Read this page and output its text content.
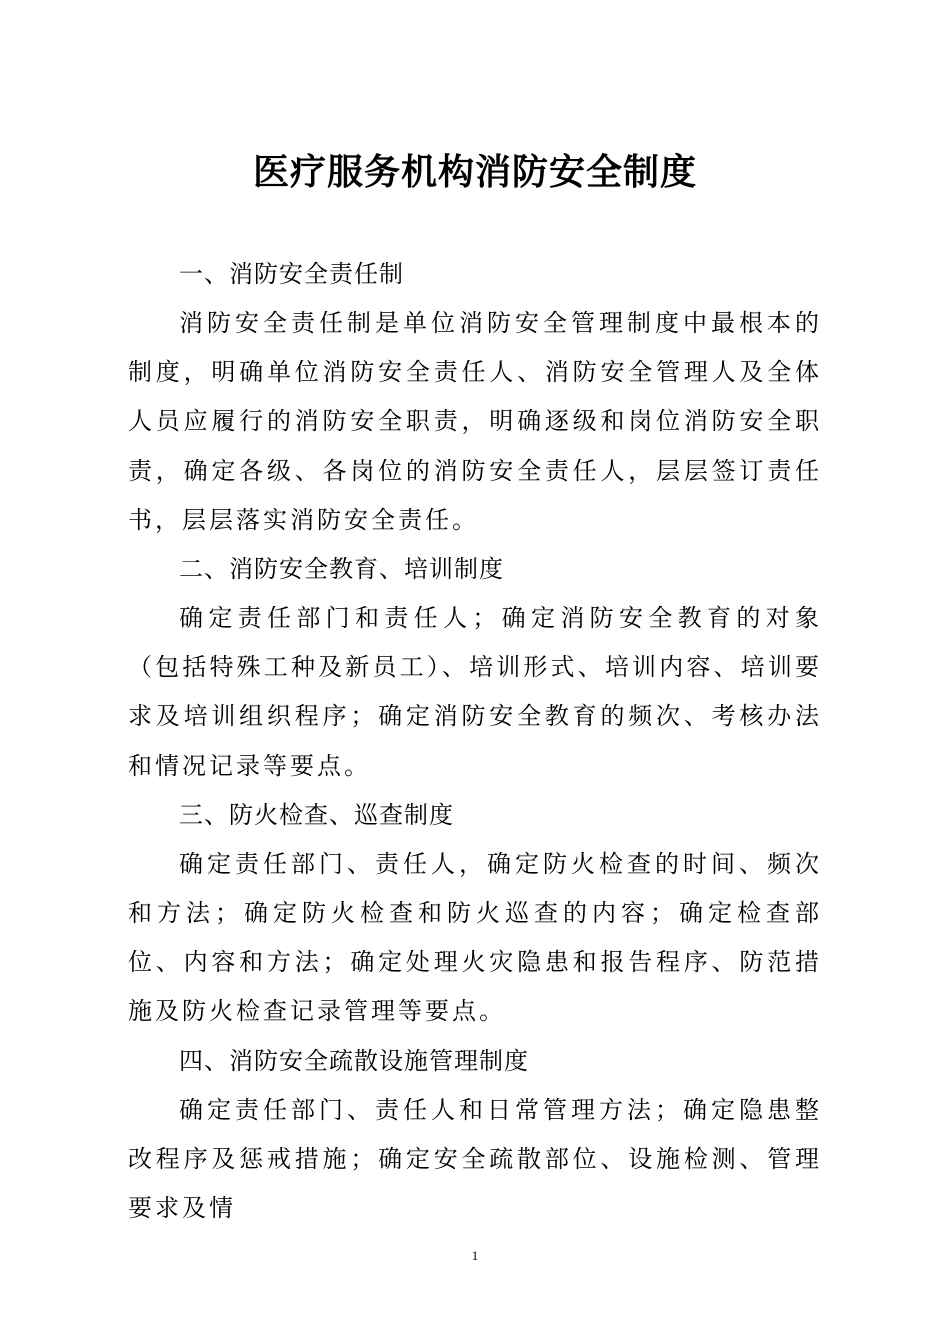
医疗服务机构消防安全制度
一、消防安全责任制
消防安全责任制是单位消防安全管理制度中最根本的制度，明确单位消防安全责任人、消防安全管理人及全体人员应履行的消防安全职责，明确逐级和岗位消防安全职责，确定各级、各岗位的消防安全责任人，层层签订责任书，层层落实消防安全责任。
二、消防安全教育、培训制度
确定责任部门和责任人；确定消防安全教育的对象（包括特殊工种及新员工）、培训形式、培训内容、培训要求及培训组织程序；确定消防安全教育的频次、考核办法和情况记录等要点。
三、防火检查、巡查制度
确定责任部门、责任人，确定防火检查的时间、频次和方法；确定防火检查和防火巡查的内容；确定检查部位、内容和方法；确定处理火灾隐患和报告程序、防范措施及防火检查记录管理等要点。
四、消防安全疏散设施管理制度
确定责任部门、责任人和日常管理方法；确定隐患整改程序及惩戒措施；确定安全疏散部位、设施检测、管理要求及情
1
